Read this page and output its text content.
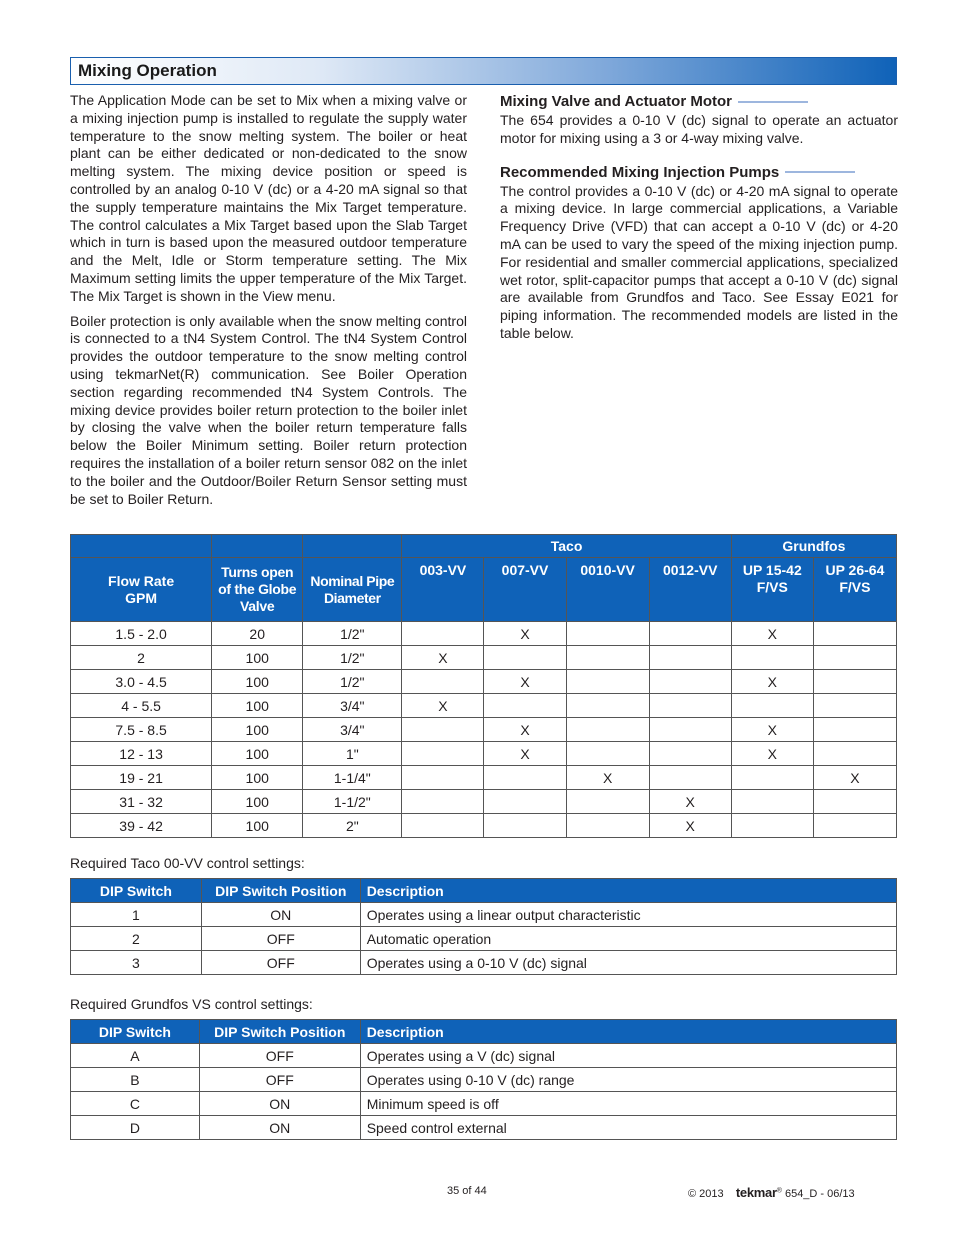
Mixing Operation

The Application Mode can be set to Mix when a mixing valve or a mixing injection pump is installed to regulate the supply water temperature to the snow melting system. The boiler or heat plant can be either dedicated or non-dedicated to the snow melting system. The mixing device position or speed is controlled by an analog 0-10 V (dc) or a 4-20 mA signal so that the supply temperature maintains the Mix Target temperature. The control calculates a Mix Target based upon the Slab Target which in turn is based upon the measured outdoor temperature and the Melt, Idle or Storm temperature setting. The Mix Maximum setting limits the upper temperature of the Mix Target. The Mix Target is shown in the View menu.

Boiler protection is only available when the snow melting control is connected to a tN4 System Control. The tN4 System Control provides the outdoor temperature to the snow melting control using tekmarNet(R) communication. See Boiler Operation section regarding recommended tN4 System Controls. The mixing device provides boiler return protection to the boiler inlet by closing the valve when the boiler return temperature falls below the Boiler Minimum setting. Boiler return protection requires the installation of a boiler return sensor 082 on the inlet to the boiler and the Outdoor/Boiler Return Sensor setting must be set to Boiler Return.

Mixing Valve and Actuator Motor

The 654 provides a 0-10 V (dc) signal to operate an actuator motor for mixing using a 3 or 4-way mixing valve.

Recommended Mixing Injection Pumps

The control provides a 0-10 V (dc) or 4-20 mA signal to operate a mixing device. In large commercial applications, a Variable Frequency Drive (VFD) that can accept a 0-10 V (dc) or 4-20 mA can be used to vary the speed of the mixing injection pump. For residential and smaller commercial applications, specialized wet rotor, split-capacitor pumps that accept a 0-10 V (dc) signal are available from Grundfos and Taco. See Essay E021 for piping information. The recommended models are listed in the table below.

			Taco				Grundfos	
Flow Rate GPM	Turns open of the Globe Valve	Nominal Pipe Diameter	003-VV	007-VV	0010-VV	0012-VV	UP 15-42 F/VS	UP 26-64 F/VS
1.5 - 2.0	20	1/2"		X			X	
2	100	1/2"	X					
3.0 - 4.5	100	1/2"		X			X	
4 - 5.5	100	3/4"	X					
7.5 - 8.5	100	3/4"		X			X	
12 - 13	100	1"		X			X	
19 - 21	100	1-1/4"			X			X
31 - 32	100	1-1/2"				X		
39 - 42	100	2"				X		
Required Taco 00-VV control settings:
DIP Switch	DIP Switch Position	Description
1	ON	Operates using a linear output characteristic
2	OFF	Automatic operation
3	OFF	Operates using a 0-10 V (dc) signal
Required Grundfos VS control settings:
DIP Switch	DIP Switch Position	Description
A	OFF	Operates using a V (dc) signal
B	OFF	Operates using 0-10 V (dc) range
C	ON	Minimum speed is off
D	ON	Speed control external
35 of 44	© 2013 tekmar® 654_D - 06/13
